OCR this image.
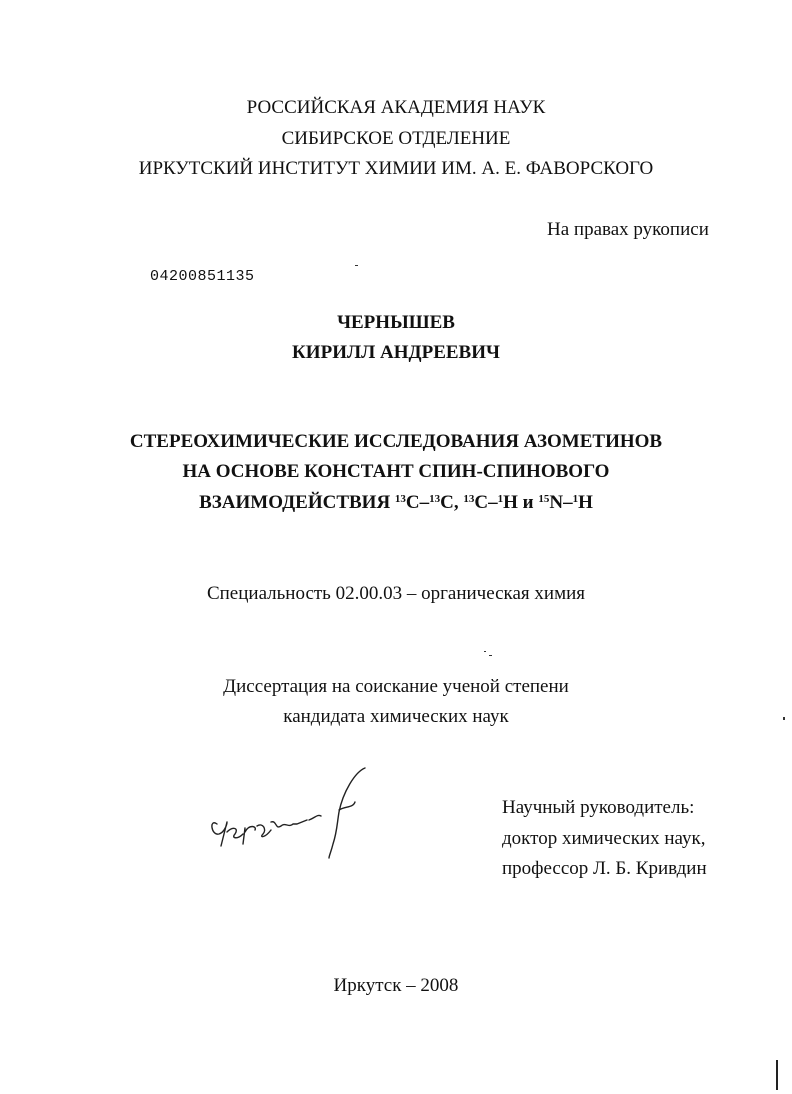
РОССИЙСКАЯ АКАДЕМИЯ НАУК
СИБИРСКОЕ ОТДЕЛЕНИЕ
ИРКУТСКИЙ ИНСТИТУТ ХИМИИ ИМ. А. Е. ФАВОРСКОГО
На правах рукописи
04200851135
ЧЕРНЫШЕВ
КИРИЛЛ АНДРЕЕВИЧ
СТЕРЕОХИМИЧЕСКИЕ ИССЛЕДОВАНИЯ АЗОМЕТИНОВ
НА ОСНОВЕ КОНСТАНТ СПИН-СПИНОВОГО
ВЗАИМОДЕЙСТВИЯ $^{13}$C–$^{13}$C, $^{13}$C–$^1$H и $^{15}$N–$^1$H
Специальность 02.00.03 – органическая химия
Диссертация на соискание ученой степени
кандидата химических наук
Научный руководитель:
доктор химических наук,
профессор Л. Б. Кривдин
Иркутск – 2008
